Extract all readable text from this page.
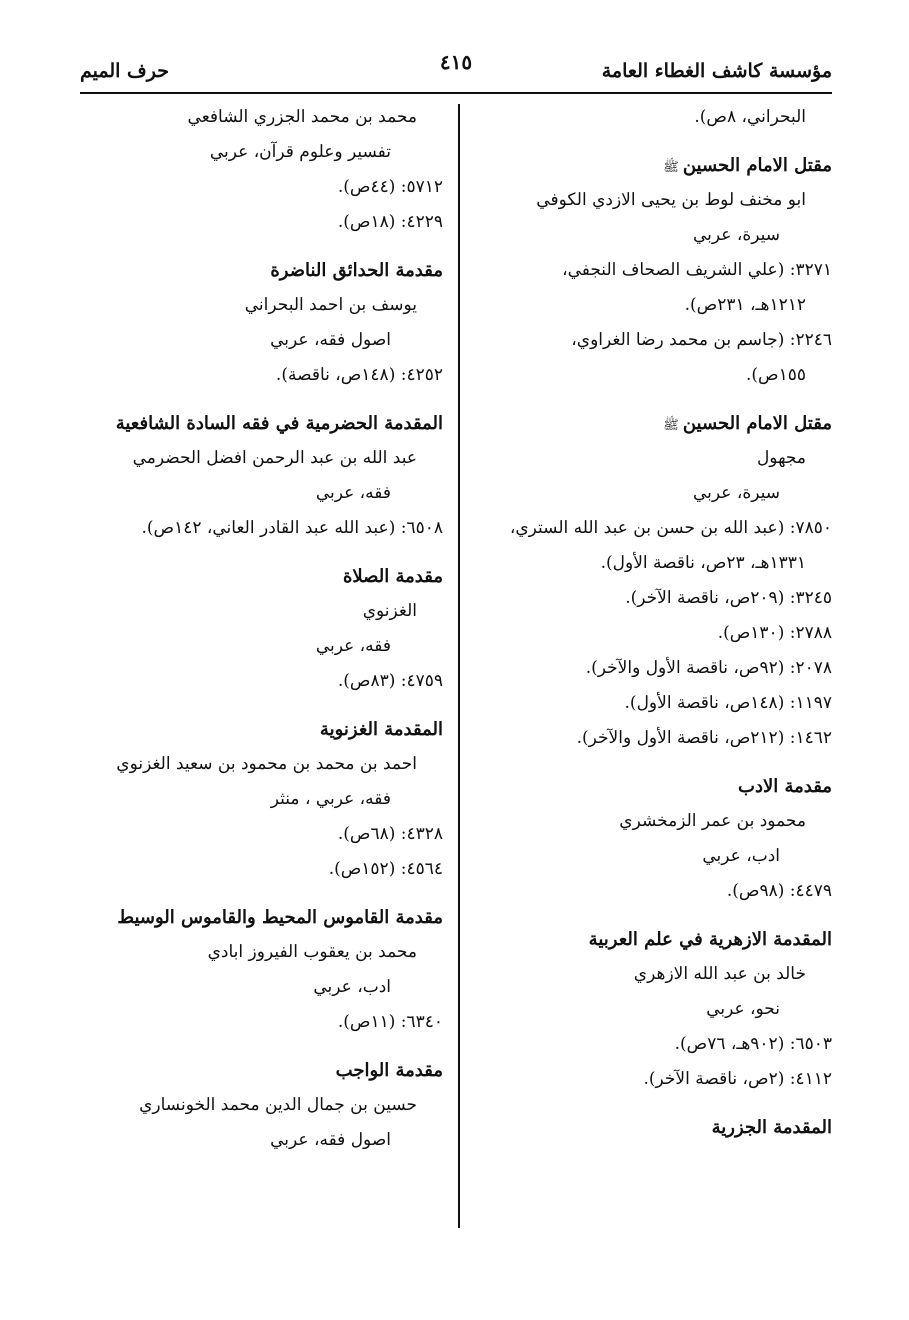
مؤسسة كاشف الغطاء العامة
٤١٥
حرف الميم
البحراني، ٨ص).
مقتل الامام الحسينﷺ
ابو مخنف لوط بن يحيى الازدي الكوفي
سيرة، عربي
٣٢٧١: (علي الشريف الصحاف النجفي،
١٢١٢هـ، ٢٣١ص).
٢٢٤٦: (جاسم بن محمد رضا الغراوي،
١٥٥ص).
مقتل الامام الحسينﷺ
مجهول
سيرة، عربي
٧٨٥٠: (عبد الله بن حسن بن عبد الله الستري،
١٣٣١هـ، ٢٣ص، ناقصة الأول).
٣٢٤٥: (٢٠٩ص، ناقصة الآخر).
٢٧٨٨: (١٣٠ص).
٢٠٧٨: (٩٢ص، ناقصة الأول والآخر).
١١٩٧: (١٤٨ص، ناقصة الأول).
١٤٦٢: (٢١٢ص، ناقصة الأول والآخر).
مقدمة الادب
محمود بن عمر الزمخشري
ادب، عربي
٤٤٧٩: (٩٨ص).
المقدمة الازهرية في علم العربية
خالد بن عبد الله الازهري
نحو، عربي
٦٥٠٣: (٩٠٢هـ، ٧٦ص).
٤١١٢: (٢ص، ناقصة الآخر).
المقدمة الجزرية
محمد بن محمد الجزري الشافعي
تفسير وعلوم قرآن، عربي
٥٧١٢: (٤٤ص).
٤٢٢٩: (١٨ص).
مقدمة الحدائق الناضرة
يوسف بن احمد البحراني
اصول فقه، عربي
٤٢٥٢: (١٤٨ص، ناقصة).
المقدمة الحضرمية في فقه السادة الشافعية
عبد الله بن عبد الرحمن افضل الحضرمي
فقه، عربي
٦٥٠٨: (عبد الله عبد القادر العاني، ١٤٢ص).
مقدمة الصلاة
الغزنوي
فقه، عربي
٤٧٥٩: (٨٣ص).
المقدمة الغزنوية
احمد بن محمد بن محمود بن سعيد الغزنوي
فقه، عربي ، منثر
٤٣٢٨: (٦٨ص).
٤٥٦٤: (١٥٢ص).
مقدمة القاموس المحيط والقاموس الوسيط
محمد بن يعقوب الفيروز ابادي
ادب، عربي
٦٣٤٠: (١١ص).
مقدمة الواجب
حسين بن جمال الدين محمد الخونساري
اصول فقه، عربي
